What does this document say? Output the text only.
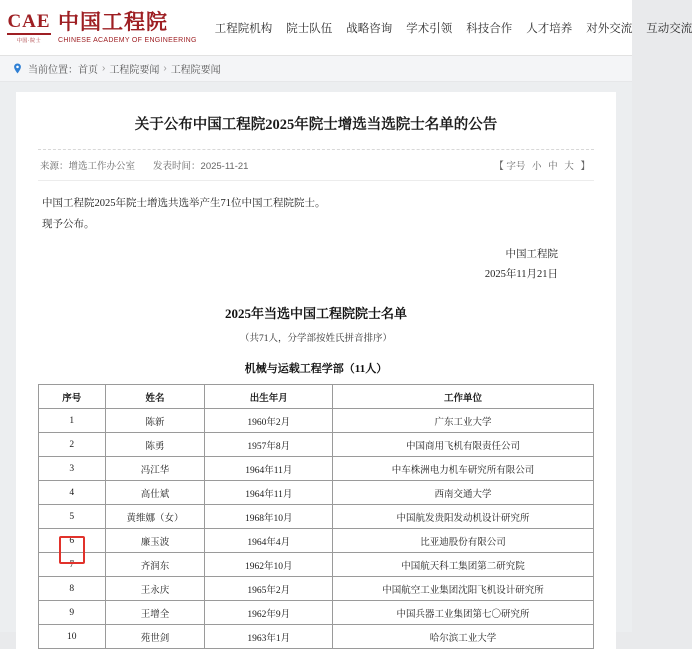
CAE
中国·院士
中国工程院
CHINESE ACADEMY OF ENGINEERING
工程院机构 院士队伍 战略咨询 学术引领 科技合作 人才培养 对外交流 互动交流
当前位置： 首页 › 工程院要闻 › 工程院要闻
关于公布中国工程院2025年院士增选当选院士名单的公告
来源：增选工作办公室 发表时间：2025-11-21	【 字号 小 中 大 】
中国工程院2025年院士增选共选举产生71位中国工程院院士。
现予公布。
中国工程院
2025年11月21日
2025年当选中国工程院院士名单
（共71人，分学部按姓氏拼音排序）
机械与运载工程学部（11人）
序号	姓名	出生年月	工作单位
1	陈新	1960年2月	广东工业大学
2	陈勇	1957年8月	中国商用飞机有限责任公司
3	冯江华	1964年11月	中车株洲电力机车研究所有限公司
4	高仕斌	1964年11月	西南交通大学
5	黄维娜（女）	1968年10月	中国航发贵阳发动机设计研究所

6	廉玉波	1964年4月	比亚迪股份有限公司
7	齐润东	1962年10月	中国航天科工集团第二研究院
8	王永庆	1965年2月	中国航空工业集团沈阳飞机设计研究所
9	王增全	1962年9月	中国兵器工业集团第七〇研究所
10	苑世剑	1963年1月	哈尔滨工业大学
